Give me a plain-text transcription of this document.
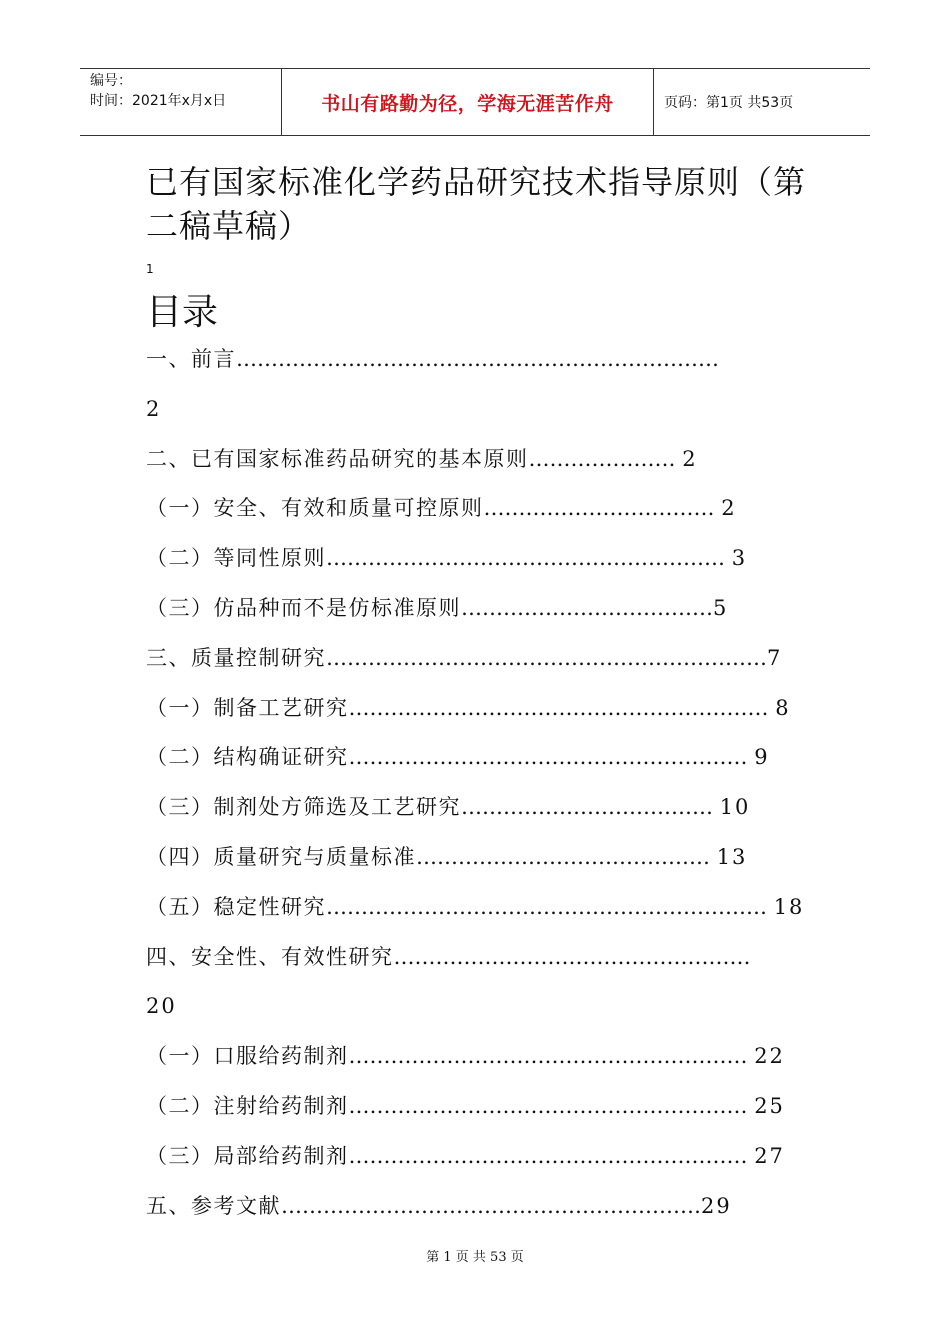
编号：
时间：2021年x月x日	书山有路勤为径，学海无涯苦作舟	页码：第1页 共53页
已有国家标准化学药品研究技术指导原则（第二稿草稿）
1
目录
一、前言……………………………………………………………
2
二、已有国家标准药品研究的基本原则………………… 2
（一）安全、有效和质量可控原则…………………………… 2
（二）等同性原则………………………………………………… 3
（三）仿品种而不是仿标准原则………………………………5
三、质量控制研究………………………………………………………7
（一）制备工艺研究…………………………………………………… 8
（二）结构确证研究………………………………………………… 9
（三）制剂处方筛选及工艺研究……………………………… 10
（四）质量研究与质量标准…………………………………… 13
（五）稳定性研究……………………………………………………… 18
四、安全性、有效性研究……………………………………………
20
（一）口服给药制剂………………………………………………… 22
（二）注射给药制剂………………………………………………… 25
（三）局部给药制剂………………………………………………… 27
五、参考文献……………………………………………………29
第 1 页 共 53 页
